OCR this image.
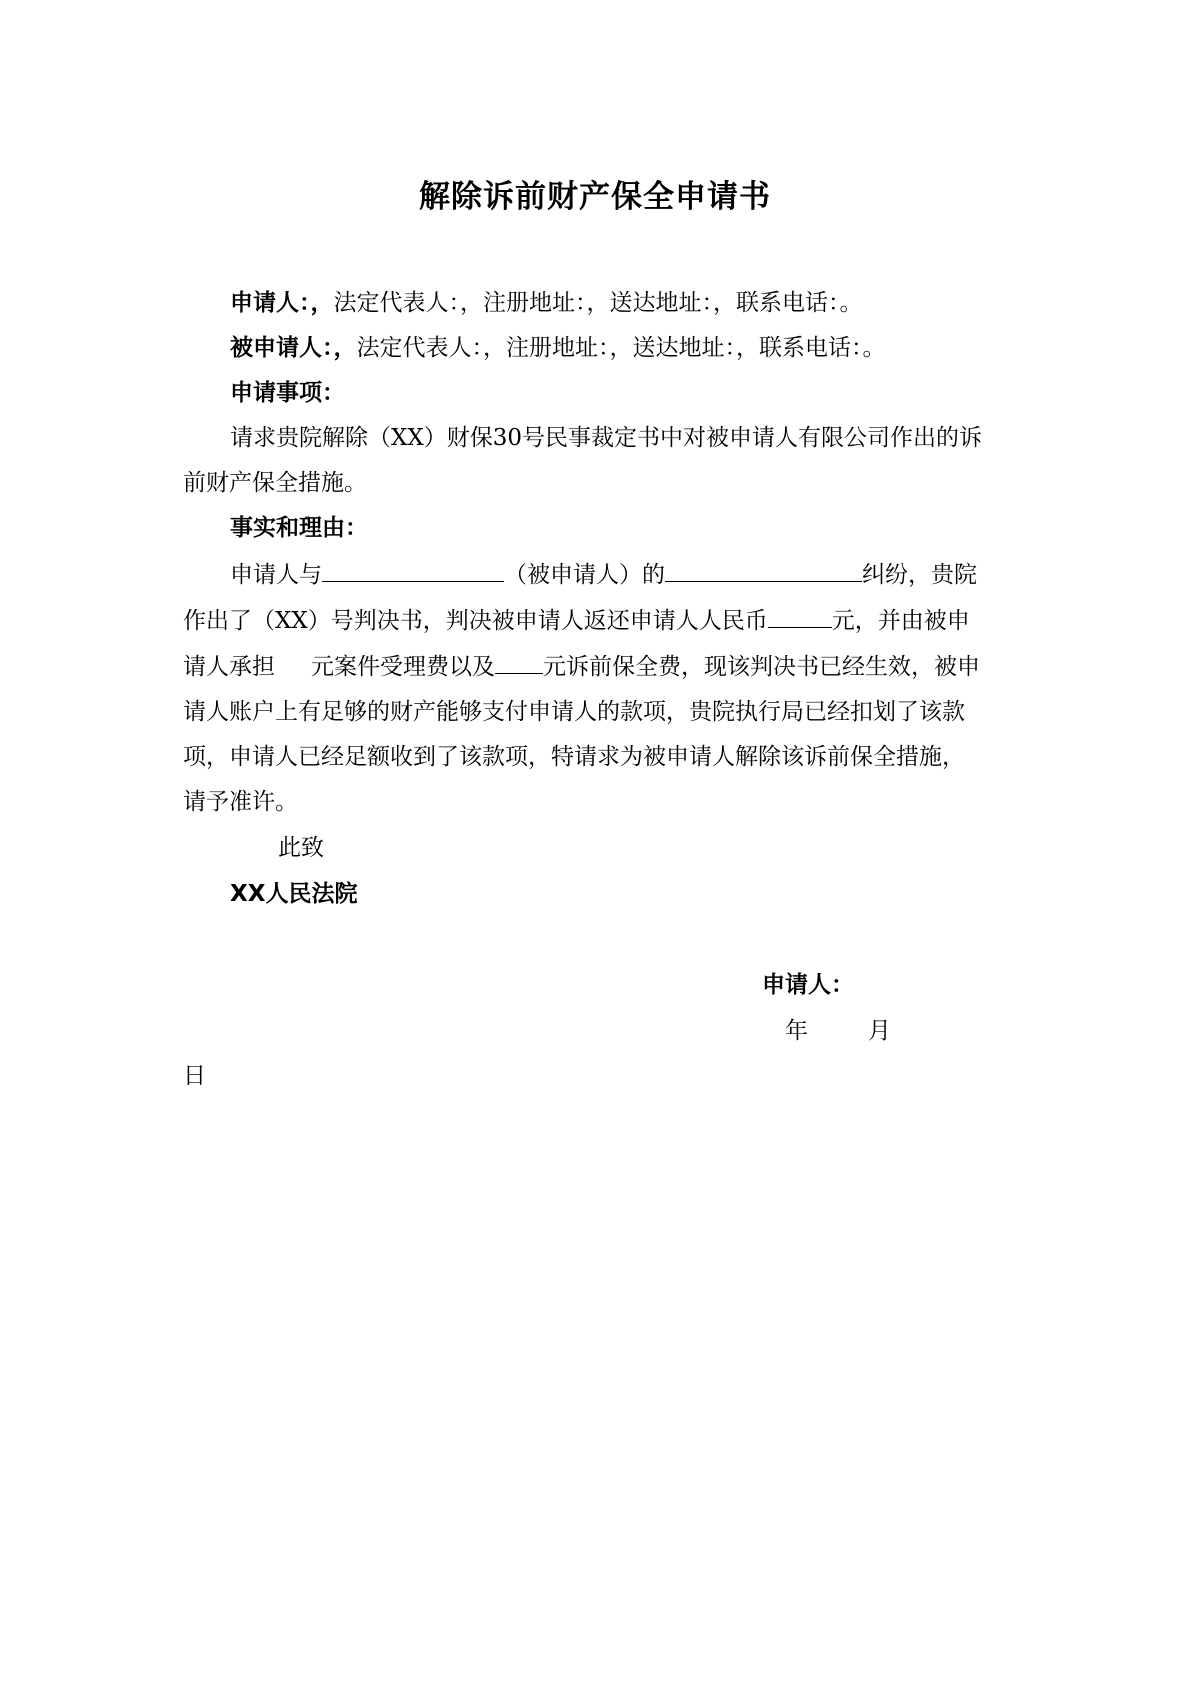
解除诉前财产保全申请书
申请人：，法定代表人：，注册地址：，送达地址：，联系电话：。
被申请人：，法定代表人：，注册地址：，送达地址：，联系电话：。
申请事项：
请求贵院解除（XX）财保30号民事裁定书中对被申请人有限公司作出的诉
前财产保全措施。
事实和理由：
申请人与	（被申请人）的	纠纷，贵院
作出了（XX）号判决书，判决被申请人返还申请人人民币	元，并由被申
请人承担 元案件受理费以及 元诉前保全费，现该判决书已经生效，被申
请人账户上有足够的财产能够支付申请人的款项，贵院执行局已经扣划了该款
项，申请人已经足额收到了该款项，特请求为被申请人解除该诉前保全措施，
请予准许。
此致
XX人民法院
申请人：
年	月
日
